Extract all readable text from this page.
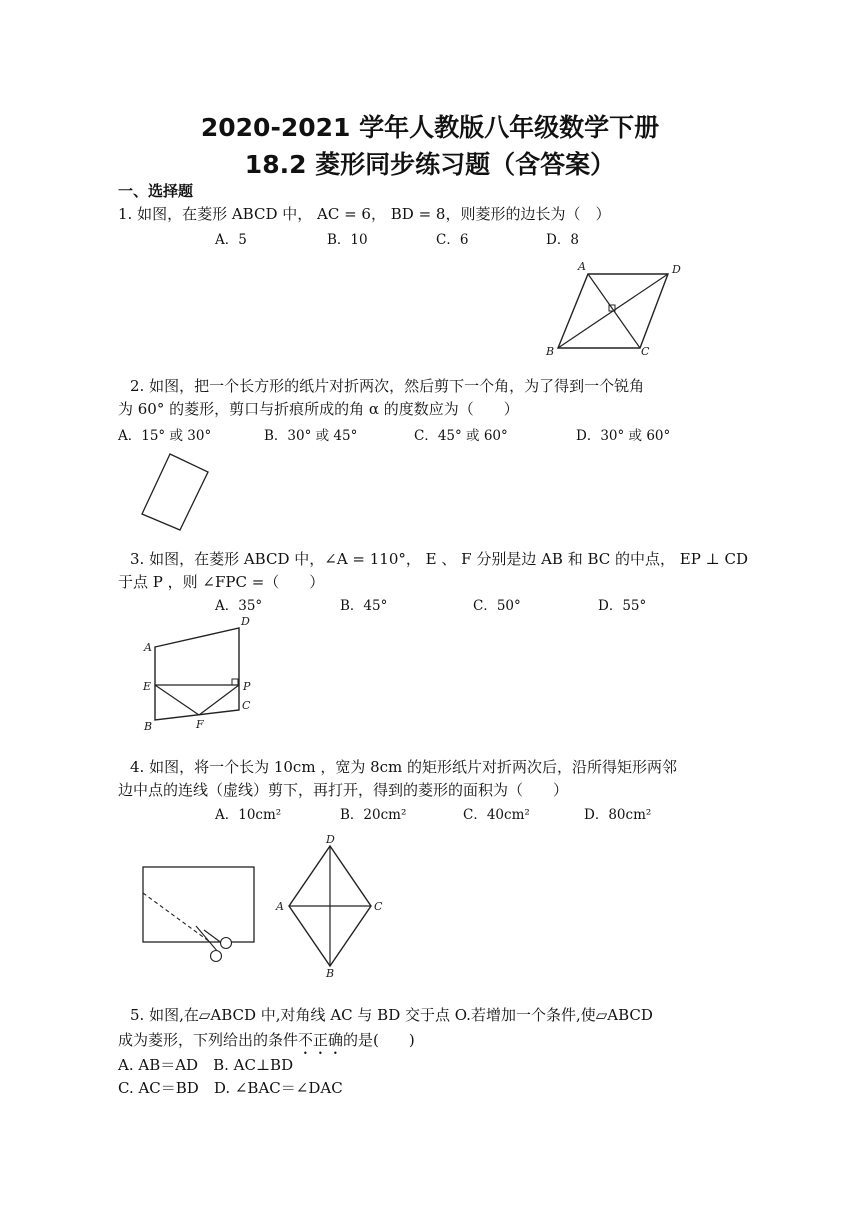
2020-2021 学年人教版八年级数学下册
18.2 菱形同步练习题（含答案）
一、选择题
1. 如图，在菱形 ABCD 中， AC = 6， BD = 8，则菱形的边长为（　）
A．5	B．10	C．6	D．8
A	D
B	C
2. 如图，把一个长方形的纸片对折两次，然后剪下一个角，为了得到一个锐角
为 60° 的菱形，剪口与折痕所成的角 α 的度数应为（　　）
A．15° 或 30°	B．30° 或 45°	C．45° 或 60°	D．30° 或 60°
3. 如图，在菱形 ABCD 中，∠A = 110°， E 、 F 分别是边 AB 和 BC 的中点， EP ⊥ CD
于点 P ，则 ∠FPC =（　　）
A．35°	B．45°	C．50°	D．55°
D
A
E	P
C
B	F
4. 如图，将一个长为 10cm ，宽为 8cm 的矩形纸片对折两次后，沿所得矩形两邻
边中点的连线（虚线）剪下，再打开，得到的菱形的面积为（　　）
A．10cm²	B．20cm²	C．40cm²	D．80cm²
D
A	C
B
5. 如图,在▱ABCD 中,对角线 AC 与 BD 交于点 O.若增加一个条件,使▱ABCD
成为菱形，下列给出的条件不正确的是(　　)
A. AB＝AD　B. AC⊥BD
C. AC＝BD　D. ∠BAC＝∠DAC
